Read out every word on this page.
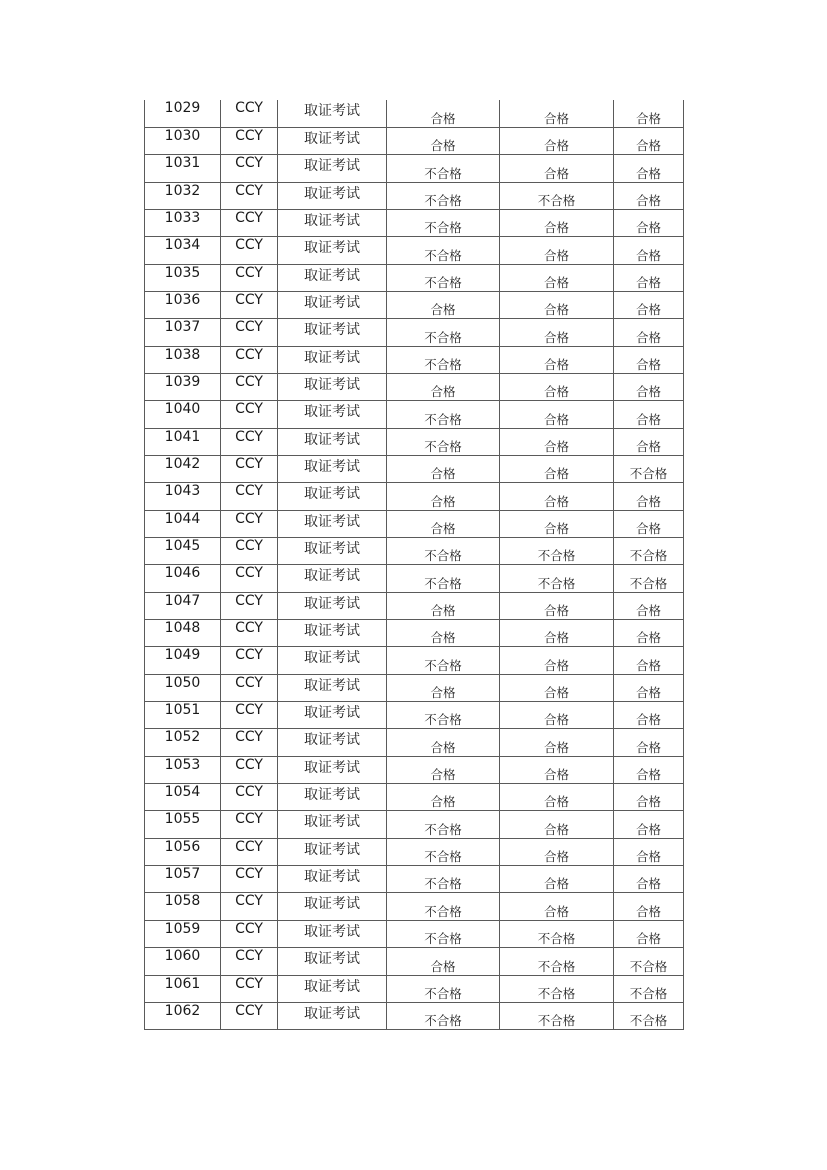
1029	CCY	取证考试	合格	合格	合格
1030	CCY	取证考试	合格	合格	合格
1031	CCY	取证考试	不合格	合格	合格
1032	CCY	取证考试	不合格	不合格	合格
1033	CCY	取证考试	不合格	合格	合格
1034	CCY	取证考试	不合格	合格	合格
1035	CCY	取证考试	不合格	合格	合格
1036	CCY	取证考试	合格	合格	合格
1037	CCY	取证考试	不合格	合格	合格
1038	CCY	取证考试	不合格	合格	合格
1039	CCY	取证考试	合格	合格	合格
1040	CCY	取证考试	不合格	合格	合格
1041	CCY	取证考试	不合格	合格	合格
1042	CCY	取证考试	合格	合格	不合格
1043	CCY	取证考试	合格	合格	合格
1044	CCY	取证考试	合格	合格	合格
1045	CCY	取证考试	不合格	不合格	不合格
1046	CCY	取证考试	不合格	不合格	不合格
1047	CCY	取证考试	合格	合格	合格
1048	CCY	取证考试	合格	合格	合格
1049	CCY	取证考试	不合格	合格	合格
1050	CCY	取证考试	合格	合格	合格
1051	CCY	取证考试	不合格	合格	合格
1052	CCY	取证考试	合格	合格	合格
1053	CCY	取证考试	合格	合格	合格
1054	CCY	取证考试	合格	合格	合格
1055	CCY	取证考试	不合格	合格	合格
1056	CCY	取证考试	不合格	合格	合格
1057	CCY	取证考试	不合格	合格	合格
1058	CCY	取证考试	不合格	合格	合格
1059	CCY	取证考试	不合格	不合格	合格
1060	CCY	取证考试	合格	不合格	不合格
1061	CCY	取证考试	不合格	不合格	不合格
1062	CCY	取证考试	不合格	不合格	不合格
